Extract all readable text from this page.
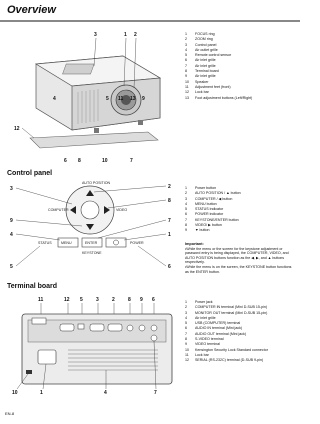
Overview
3	1 2
4	5 11 13 9
12
6 8	10	7
1 FOCUS ring
2 ZOOM ring
3 Control panel
4 Air outlet grille
5 Remote control sensor
6 Air inlet grille
7 Air inlet grille
8 Terminal board
9 Air inlet grille
10 Speaker
11 Adjustment feet (front)
12 Lock bar
13 Foot adjustment buttons (Left/Right)
Control panel
AUTO POSITION
COMPUTER	VIDEO
STATUS	MENU	ENTER	POWER
KEYSTONE
3
9
4
5
2
8
7
1
6
1 Power button
2 AUTO POSITION / ▲ button
3 COMPUTER / ◀ button
4 MENU button
5 STATUS indicator
6 POWER indicator
7 KEYSTONE/ENTER button
8 VIDEO/ ▶ button
9 ▼ button
Important:

•While the menu or the screen for the keystone adjustment or password entry is being displayed, the COMPUTER, VIDEO, and AUTO POSITION buttons function as the ◀, ▶, and ▲ buttons respectively.

•While the menu is on the screen, the KEYSTONE button functions as the ENTER button.

Terminal board
11	12 5	3	2	8 9 6
10	1	4	7
1 Power jack
2 COMPUTER IN terminal (Mini D-SUB 15-pin)
3 MONITOR OUT terminal (Mini D-SUB 15-pin)
4 Air inlet grille
5 USB (COMPUTER) terminal
6 AUDIO IN terminal (Mini jack)
7 AUDIO OUT terminal (Mini jack)
8 S-VIDEO terminal
9 VIDEO terminal
10 Kensington Security Lock Standard connector
11 Lock bar
12 SERIAL (RS-232C) terminal (D-SUB 9-pin)
EN-8
